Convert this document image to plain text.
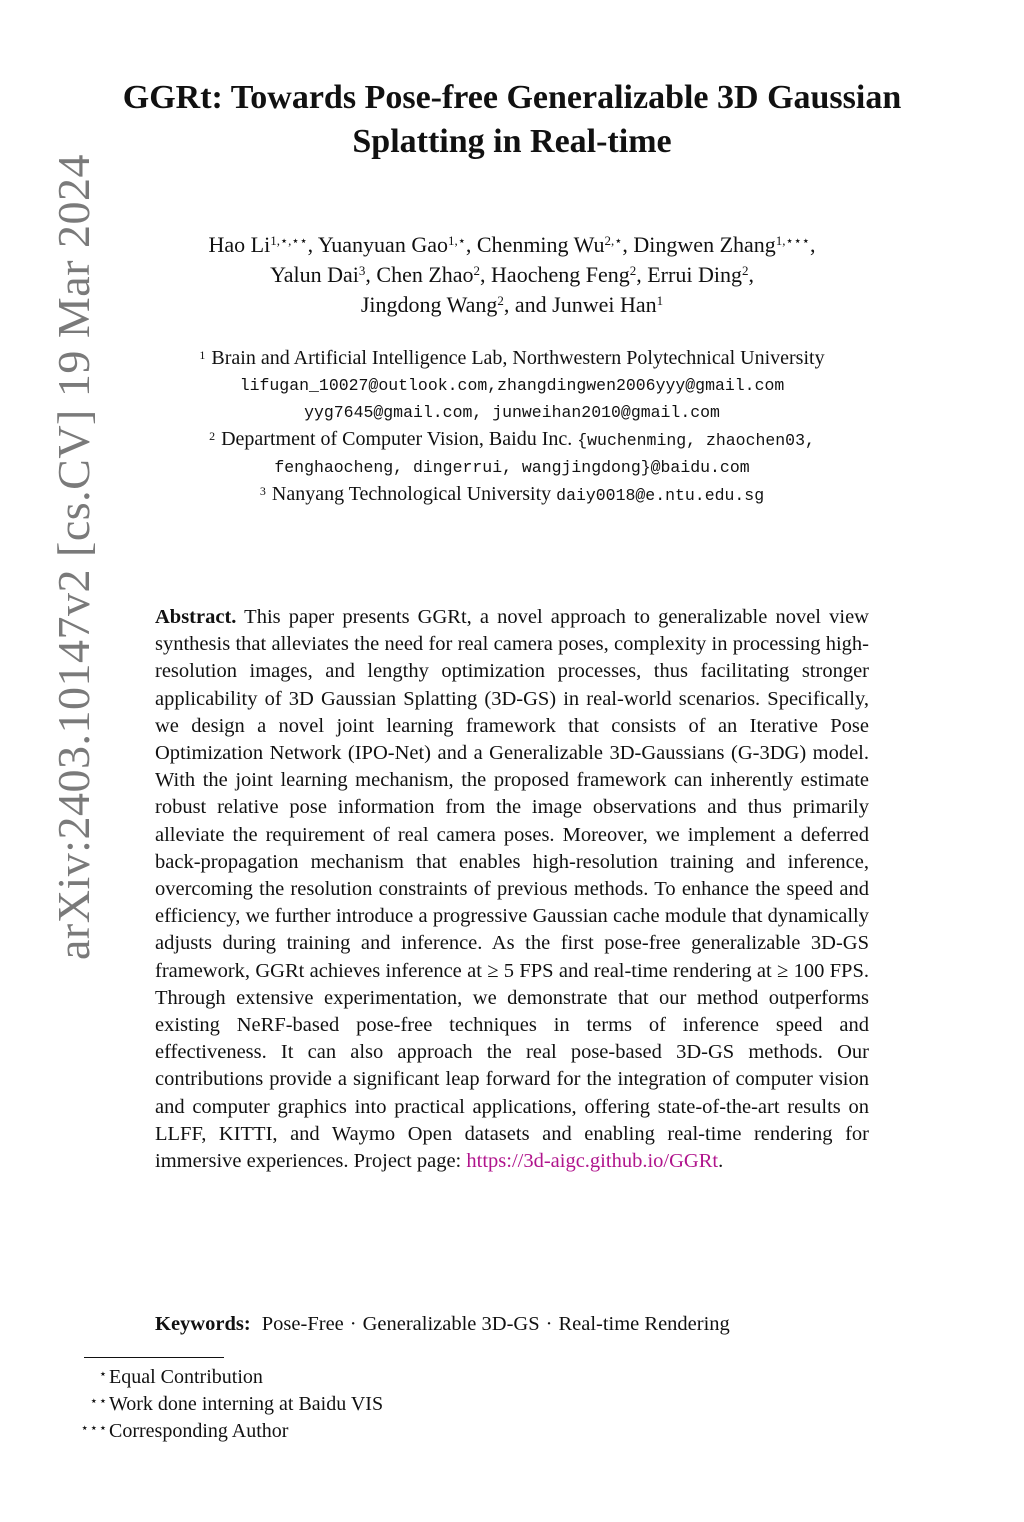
arXiv:2403.10147v2 [cs.CV] 19 Mar 2024
GGRt: Towards Pose-free Generalizable 3D Gaussian Splatting in Real-time
Hao $Li^{1,⋆,⋆⋆}$, Yuanyuan Gao$^{1,⋆}$, Chenming $Wu^{2,⋆}$, Dingwen Zhang$^{1,⋆⋆⋆}$,
Yalun Dai$^3$, Chen Zhao$^2$, Haocheng Feng$^2$, Errui Ding$^2$,
Jingdong Wang$^2$, and Junwei Han$^1$
$^1$ Brain and Artificial Intelligence Lab, Northwestern Polytechnical University
lifugan_10027@outlook.com,zhangdingwen2006yyy@gmail.com
yyg7645@gmail.com, junweihan2010@gmail.com
$^2$ Department of Computer Vision, Baidu Inc. {wuchenming, zhaochen03,
fenghaocheng, dingerrui, wangjingdong}@baidu.com
$^3$ Nanyang Technological University daiy0018@e.ntu.edu.sg
Abstract. This paper presents GGRt, a novel approach to generalizable novel view synthesis that alleviates the need for real camera poses, complexity in processing high-resolution images, and lengthy optimization processes, thus facilitating stronger applicability of 3D Gaussian Splatting (3D-GS) in real-world scenarios. Specifically, we design a novel joint learning framework that consists of an Iterative Pose Optimization Network (IPO-Net) and a Generalizable 3D-Gaussians (G-3DG) model. With the joint learning mechanism, the proposed framework can inherently estimate robust relative pose information from the image observations and thus primarily alleviate the requirement of real camera poses. Moreover, we implement a deferred back-propagation mechanism that enables high-resolution training and inference, overcoming the resolution constraints of previous methods. To enhance the speed and efficiency, we further introduce a progressive Gaussian cache module that dynamically adjusts during training and inference. As the first pose-free generalizable 3D-GS framework, GGRt achieves inference at ≥ 5 FPS and real-time rendering at ≥ 100 FPS. Through extensive experimentation, we demonstrate that our method outperforms existing NeRF-based pose-free techniques in terms of inference speed and effectiveness. It can also approach the real pose-based 3D-GS methods. Our contributions provide a significant leap forward for the integration of computer vision and computer graphics into practical applications, offering state-of-the-art results on LLFF, KITTI, and Waymo Open datasets and enabling real-time rendering for immersive experiences. Project page: https://3d-aigc.github.io/GGRt.
Keywords: Pose-Free · Generalizable 3D-GS · Real-time Rendering
⋆ Equal Contribution
⋆⋆ Work done interning at Baidu VIS
⋆⋆⋆ Corresponding Author
